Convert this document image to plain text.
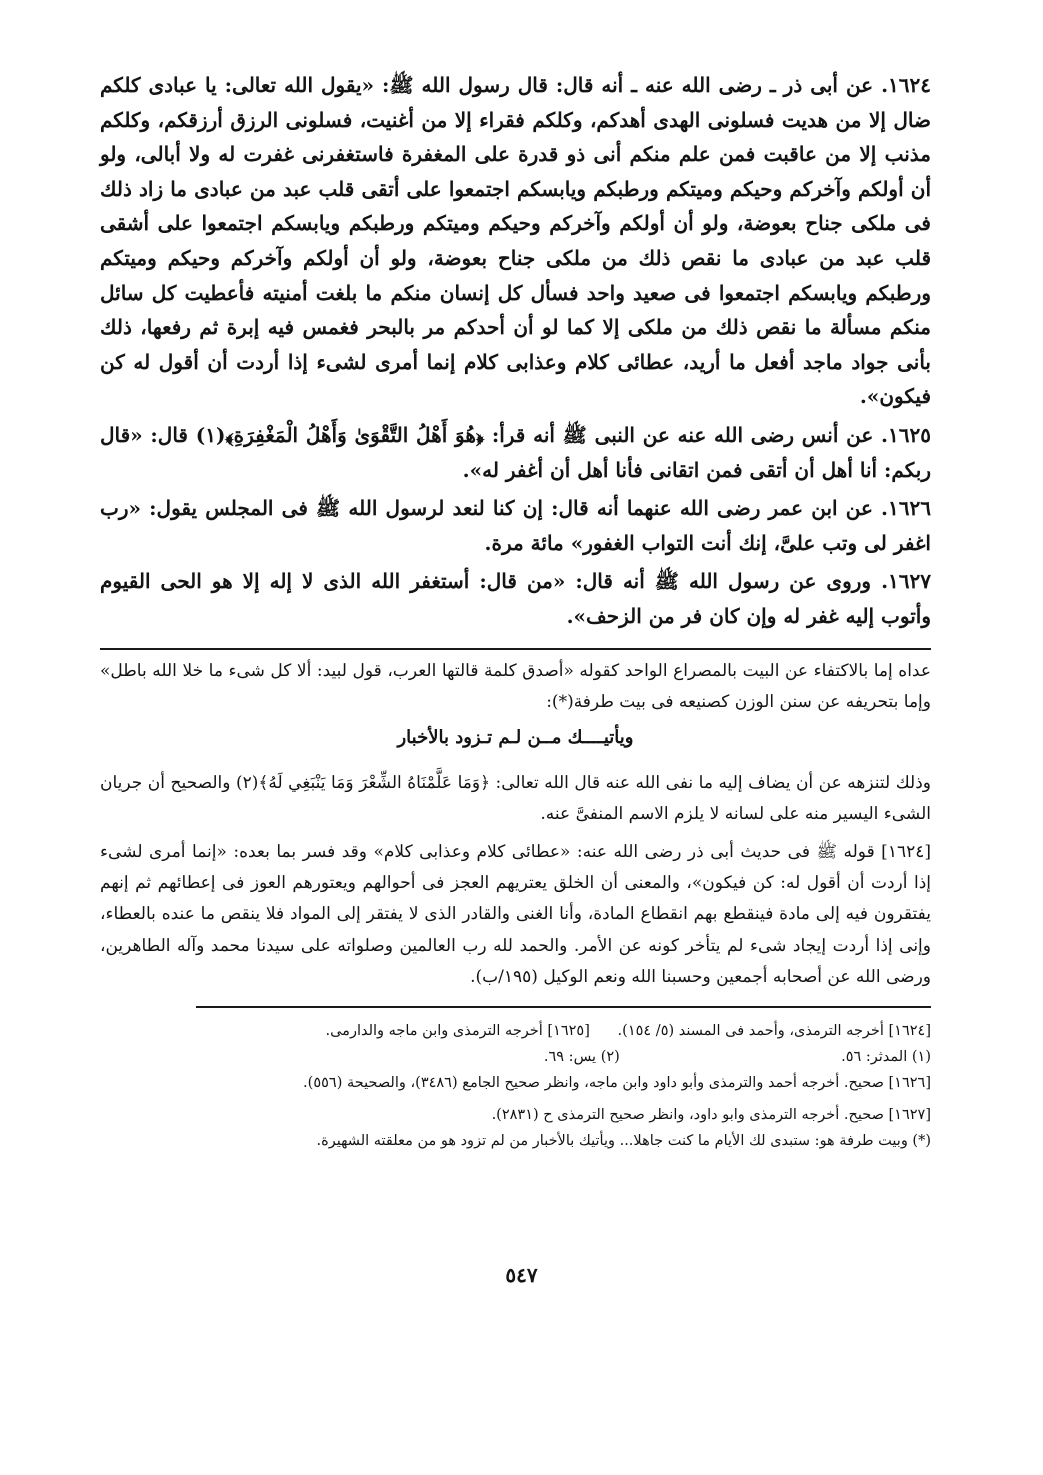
١٦٢٤. عن أبى ذر ـ رضى الله عنه ـ أنه قال: قال رسول الله ﷺ: «يقول الله تعالى: يا عبادى كلكم ضال إلا من هديت فسلونى الهدى أهدكم، وكلكم فقراء إلا من أغنيت، فسلونى الرزق أرزقكم، وكلكم مذنب إلا من عاقبت فمن علم منكم أنى ذو قدرة على المغفرة فاستغفرنى غفرت له ولا أبالى، ولو أن أولكم وآخركم وحيكم وميتكم ورطبكم ويابسكم اجتمعوا على أتقى قلب عبد من عبادى ما زاد ذلك فى ملكى جناح بعوضة، ولو أن أولكم وآخركم وحيكم وميتكم ورطبكم ويابسكم اجتمعوا على أشقى قلب عبد من عبادى ما نقص ذلك من ملكى جناح بعوضة، ولو أن أولكم وآخركم وحيكم وميتكم ورطبكم ويابسكم اجتمعوا فى صعيد واحد فسأل كل إنسان منكم ما بلغت أمنيته فأعطيت كل سائل منكم مسألة ما نقص ذلك من ملكى إلا كما لو أن أحدكم مر بالبحر فغمس فيه إبرة ثم رفعها، ذلك بأنى جواد ماجد أفعل ما أريد، عطائى كلام وعذابى كلام إنما أمرى لشىء إذا أردت أن أقول له كن فيكون».

١٦٢٥. عن أنس رضى الله عنه عن النبى ﷺ أنه قرأ: ﴿هُوَ أَهْلُ التَّقْوَىٰ وَأَهْلُ الْمَغْفِرَةِ﴾(١) قال: «قال ربكم: أنا أهل أن أتقى فمن اتقانى فأنا أهل أن أغفر له».

١٦٢٦. عن ابن عمر رضى الله عنهما أنه قال: إن كنا لنعد لرسول الله ﷺ فى المجلس يقول: «رب اغفر لى وتب علىَّ، إنك أنت التواب الغفور» مائة مرة.

١٦٢٧. وروى عن رسول الله ﷺ أنه قال: «من قال: أستغفر الله الذى لا إله إلا هو الحى القيوم وأتوب إليه غفر له وإن كان فر من الزحف».

عداه إما بالاكتفاء عن البيت بالمصراع الواحد كقوله «أصدق كلمة قالتها العرب، قول لبيد: ألا كل شىء ما خلا الله باطل» وإما بتحريفه عن سنن الوزن كصنيعه فى بيت طرفة(*):

ويأتيــــك مــن لـم تـزود بالأخبار

وذلك لتنزهه عن أن يضاف إليه ما نفى الله عنه قال الله تعالى: ﴿وَمَا عَلَّمْنَاهُ الشِّعْرَ وَمَا يَنْبَغِي لَهُ﴾(٢) والصحيح أن جريان الشىء اليسير منه على لسانه لا يلزم الاسم المنفىَّ عنه.

[١٦٢٤] قوله ﷺ فى حديث أبى ذر رضى الله عنه: «عطائى كلام وعذابى كلام» وقد فسر بما بعده: «إنما أمرى لشىء إذا أردت أن أقول له: كن فيكون»، والمعنى أن الخلق يعتريهم العجز فى أحوالهم ويعتورهم العوز فى إعطائهم ثم إنهم يفتقرون فيه إلى مادة فينقطع بهم انقطاع المادة، وأنا الغنى والقادر الذى لا يفتقر إلى المواد فلا ينقص ما عنده بالعطاء، وإنى إذا أردت إيجاد شىء لم يتأخر كونه عن الأمر. والحمد لله رب العالمين وصلواته على سيدنا محمد وآله الطاهرين، ورضى الله عن أصحابه أجمعين وحسبنا الله ونعم الوكيل (١٩٥/ب).

[١٦٢٤] أخرجه الترمذى، وأحمد فى المسند (٥/ ١٥٤).      [١٦٢٥] أخرجه الترمذى وابن ماجه والدارمى.

(١) المدثر: ٥٦.                                                (٢) يس: ٦٩.

[١٦٢٦] صحيح. أخرجه أحمد والترمذى وأبو داود وابن ماجه، وانظر صحيح الجامع (٣٤٨٦)، والصحيحة (٥٥٦).

[١٦٢٧] صحيح. أخرجه الترمذى وابو داود، وانظر صحيح الترمذى ح (٢٨٣١).

(*) وبيت طرفة هو: ستبدى لك الأيام ما كنت جاهلا... ويأتيك بالأخبار من لم تزود هو من معلقته الشهيرة.

٥٤٧
